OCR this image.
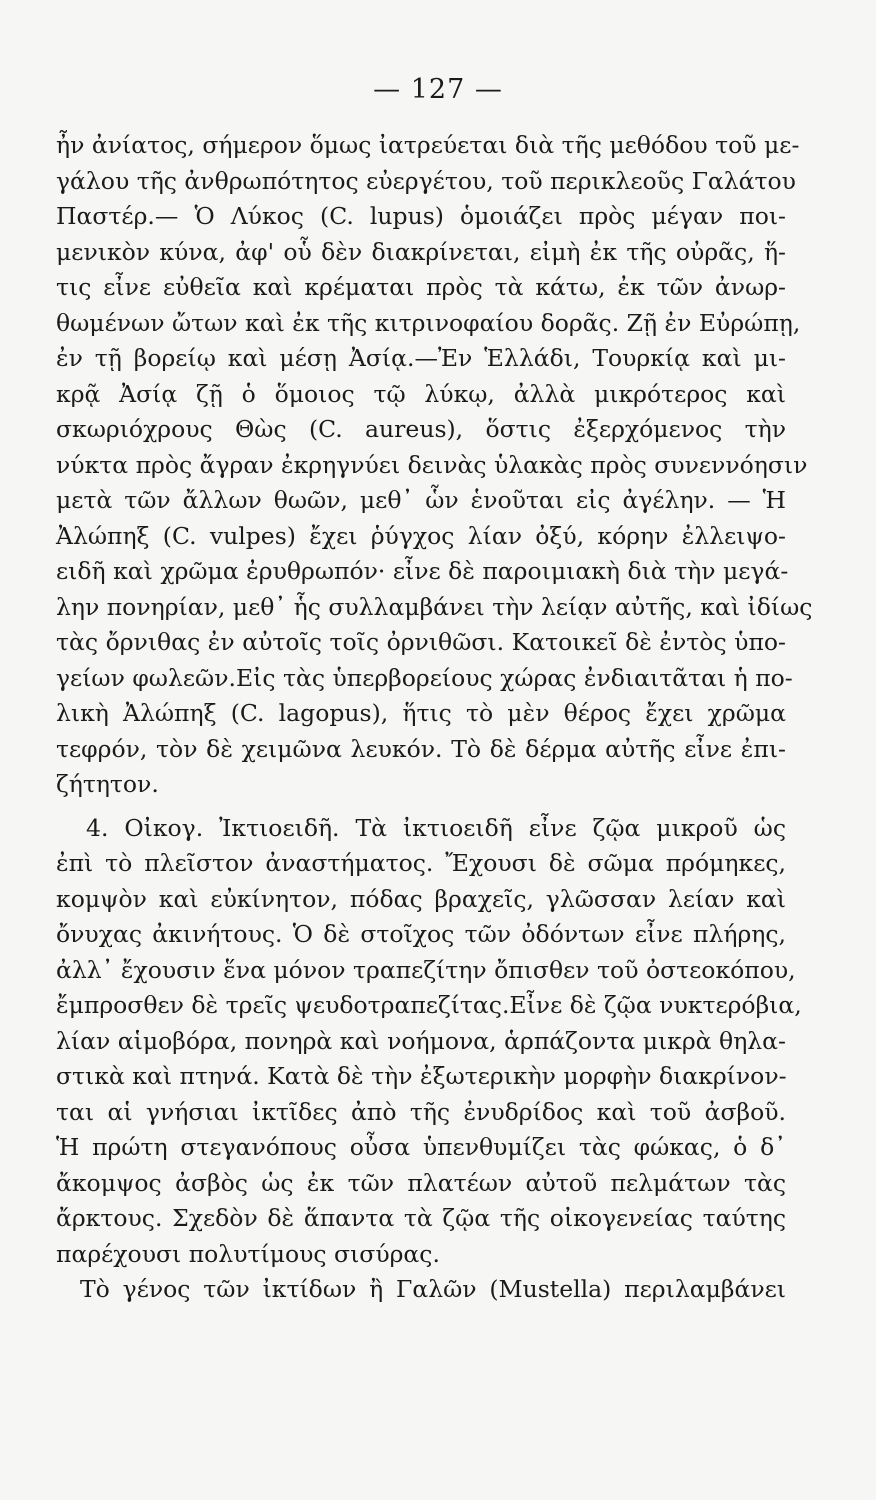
— 127 —
ἦν ἀνίατος, σήμερον ὅμως ἰατρεύεται διὰ τῆς μεθόδου τοῦ με-
γάλου τῆς ἀνθρωπότητος εὐεργέτου, τοῦ περικλεοῦς Γαλάτου
Παστέρ.— Ὁ Λύκος (C. lupus) ὁμοιάζει πρὸς μέγαν ποι-
μενικὸν κύνα, ἀφ' οὗ δὲν διακρίνεται, εἰμὴ ἐκ τῆς οὐρᾶς, ἥ-
τις εἶνε εὐθεῖα καὶ κρέμαται πρὸς τὰ κάτω, ἐκ τῶν ἀνωρ-
θωμένων ὤτων καὶ ἐκ τῆς κιτρινοφαίου δορᾶς. Ζῇ ἐν Εὐρώπῃ,
ἐν τῇ βορείῳ καὶ μέσῃ Ἀσίᾳ.—Ἐν Ἑλλάδι, Τουρκίᾳ καὶ μι-
κρᾷ Ἀσίᾳ ζῇ ὁ ὅμοιος τῷ λύκῳ, ἀλλὰ μικρότερος καὶ
σκωριόχρους Θὼς (C. aureus), ὅστις ἐξερχόμενος τὴν
νύκτα πρὸς ἄγραν ἐκρηγνύει δεινὰς ὑλακὰς πρὸς συνεννόησιν
μετὰ τῶν ἄλλων θωῶν, μεθ᾽ ὧν ἑνοῦται εἰς ἀγέλην. — Ἡ
Ἀλώπηξ (C. vulpes) ἔχει ῥύγχος λίαν ὀξύ, κόρην ἐλλειψο-
ειδῆ καὶ χρῶμα ἐρυθρωπόν· εἶνε δὲ παροιμιακὴ διὰ τὴν μεγά-
λην πονηρίαν, μεθ᾽ ἧς συλλαμβάνει τὴν λεία̣ν αὐτῆς, καὶ ἰδίως
τὰς ὄρνιθας ἐν αὐτοῖς τοῖς ὀρνιθῶσι. Κατοικεῖ δὲ ἐντὸς ὑπο-
γείων φωλεῶν.Εἰς τὰς ὑπερβορείους χώρας ἐνδιαιτᾶται ἡ πο-
λικὴ Ἀλώπηξ (C. lagopus), ἥτις τὸ μὲν θέρος ἔχει χρῶμα
τεφρόν, τὸν δὲ χειμῶνα λευκόν. Τὸ δὲ δέρμα αὐτῆς εἶνε ἐπι-
ζήτητον.
4. Οἰκογ. Ἰκτιοειδῆ. Τὰ ἰκτιοειδῆ εἶνε ζῷα μικροῦ ὡς
ἐπὶ τὸ πλεῖστον ἀναστήματος. Ἔχουσι δὲ σῶμα πρόμηκες,
κομψὸν καὶ εὐκίνητον, πόδας βραχεῖς, γλῶσσαν λείαν καὶ
ὄνυχας ἀκινήτους. Ὁ δὲ στοῖχος τῶν ὀδόντων εἶνε πλήρης,
ἀλλ᾽ ἔχουσιν ἕνα μόνον τραπεζίτην ὄπισθεν τοῦ ὀστεοκόπου,
ἔμπροσθεν δὲ τρεῖς ψευδοτραπεζίτας.Εἶνε δὲ ζῷα νυκτερόβια,
λίαν αἱμοβόρα, πονηρὰ καὶ νοήμονα, ἁρπάζοντα μικρὰ θηλα-
στικὰ καὶ πτηνά. Κατὰ δὲ τὴν ἐξωτερικὴν μορφὴν διακρίνον-
ται αἱ γνήσιαι ἰκτῖδες ἀπὸ τῆς ἐνυδρίδος καὶ τοῦ ἀσβοῦ.
Ἡ πρώτη στεγανόπους οὖσα ὑπενθυμίζει τὰς φώκας, ὁ δ᾽
ἄκομψος ἀσβὸς ὡς ἐκ τῶν πλατέων αὐτοῦ πελμάτων τὰς
ἄρκτους. Σχεδὸν δὲ ἅπαντα τὰ ζῷα τῆς οἰκογενείας ταύτης
παρέχουσι πολυτίμους σισύρας.
Τὸ γένος τῶν ἰκτίδων ἢ Γαλῶν (Mustella) περιλαμβάνει
